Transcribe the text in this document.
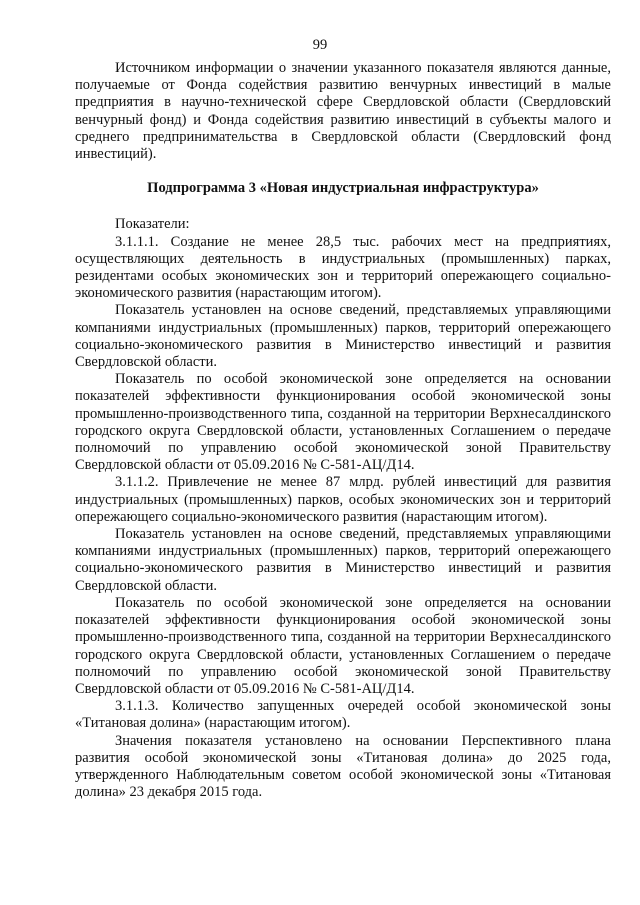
99

Источником информации о значении указанного показателя являются данные, получаемые от Фонда содействия развитию венчурных инвестиций в малые предприятия в научно-технической сфере Свердловской области (Свердловский венчурный фонд) и Фонда содействия развитию инвестиций в субъекты малого и среднего предпринимательства в Свердловской области (Свердловский фонд инвестиций).

Подпрограмма 3 «Новая индустриальная инфраструктура»

Показатели:

3.1.1.1. Создание не менее 28,5 тыс. рабочих мест на предприятиях, осуществляющих деятельность в индустриальных (промышленных) парках, резидентами особых экономических зон и территорий опережающего социально-экономического развития (нарастающим итогом).

Показатель установлен на основе сведений, представляемых управляющими компаниями индустриальных (промышленных) парков, территорий опережающего социально-экономического развития в Министерство инвестиций и развития Свердловской области.

Показатель по особой экономической зоне определяется на основании показателей эффективности функционирования особой экономической зоны промышленно-производственного типа, созданной на территории Верхнесалдинского городского округа Свердловской области, установленных Соглашением о передаче полномочий по управлению особой экономической зоной Правительству Свердловской области от 05.09.2016 № С-581-АЦ/Д14.

3.1.1.2. Привлечение не менее 87 млрд. рублей инвестиций для развития индустриальных (промышленных) парков, особых экономических зон и территорий опережающего социально-экономического развития (нарастающим итогом).

Показатель установлен на основе сведений, представляемых управляющими компаниями индустриальных (промышленных) парков, территорий опережающего социально-экономического развития в Министерство инвестиций и развития Свердловской области.

Показатель по особой экономической зоне определяется на основании показателей эффективности функционирования особой экономической зоны промышленно-производственного типа, созданной на территории Верхнесалдинского городского округа Свердловской области, установленных Соглашением о передаче полномочий по управлению особой экономической зоной Правительству Свердловской области от 05.09.2016 № С-581-АЦ/Д14.

3.1.1.3. Количество запущенных очередей особой экономической зоны «Титановая долина» (нарастающим итогом).

Значения показателя установлено на основании Перспективного плана развития особой экономической зоны «Титановая долина» до 2025 года, утвержденного Наблюдательным советом особой экономической зоны «Титановая долина» 23 декабря 2015 года.
